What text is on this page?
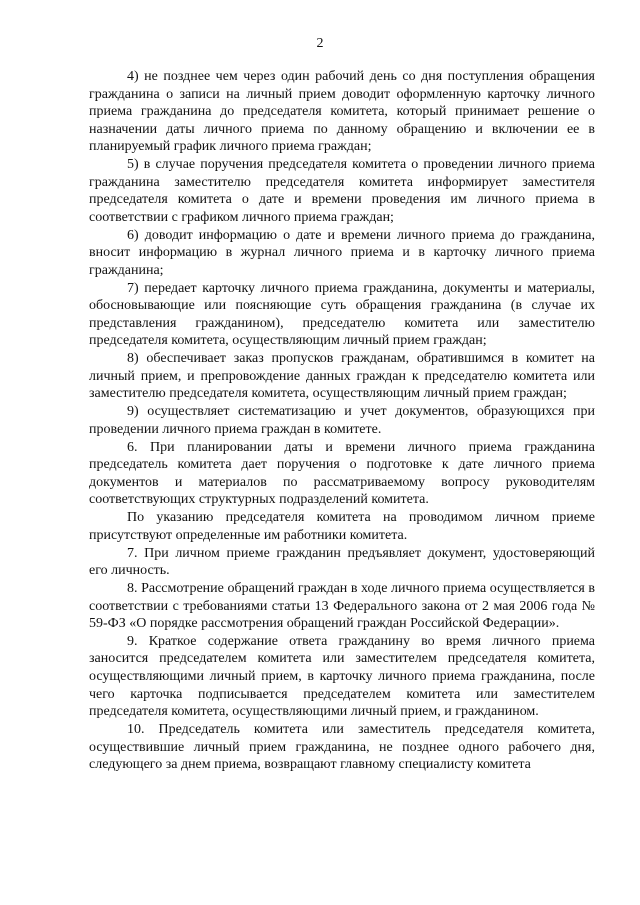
2

4) не позднее чем через один рабочий день со дня поступления обращения гражданина о записи на личный прием доводит оформленную карточку личного приема гражданина до председателя комитета, который принимает решение о назначении даты личного приема по данному обращению и включении ее в планируемый график личного приема граждан;

5) в случае поручения председателя комитета о проведении личного приема гражданина заместителю председателя комитета информирует заместителя председателя комитета о дате и времени проведения им личного приема в соответствии с графиком личного приема граждан;

6) доводит информацию о дате и времени личного приема до гражданина, вносит информацию в журнал личного приема и в карточку личного приема гражданина;

7) передает карточку личного приема гражданина, документы и материалы, обосновывающие или поясняющие суть обращения гражданина (в случае их представления гражданином), председателю комитета или заместителю председателя комитета, осуществляющим личный прием граждан;

8) обеспечивает заказ пропусков гражданам, обратившимся в комитет на личный прием, и препровождение данных граждан к председателю комитета или заместителю председателя комитета, осуществляющим личный прием граждан;

9) осуществляет систематизацию и учет документов, образующихся при проведении личного приема граждан в комитете.

6. При планировании даты и времени личного приема гражданина председатель комитета дает поручения о подготовке к дате личного приема документов и материалов по рассматриваемому вопросу руководителям соответствующих структурных подразделений комитета.

По указанию председателя комитета на проводимом личном приеме присутствуют определенные им работники комитета.

7. При личном приеме гражданин предъявляет документ, удостоверяющий его личность.

8. Рассмотрение обращений граждан в ходе личного приема осуществляется в соответствии с требованиями статьи 13 Федерального закона от 2 мая 2006 года № 59-ФЗ «О порядке рассмотрения обращений граждан Российской Федерации».

9. Краткое содержание ответа гражданину во время личного приема заносится председателем комитета или заместителем председателя комитета, осуществляющими личный прием, в карточку личного приема гражданина, после чего карточка подписывается председателем комитета или заместителем председателя комитета, осуществляющими личный прием, и гражданином.

10. Председатель комитета или заместитель председателя комитета, осуществившие личный прием гражданина, не позднее одного рабочего дня, следующего за днем приема, возвращают главному специалисту комитета
